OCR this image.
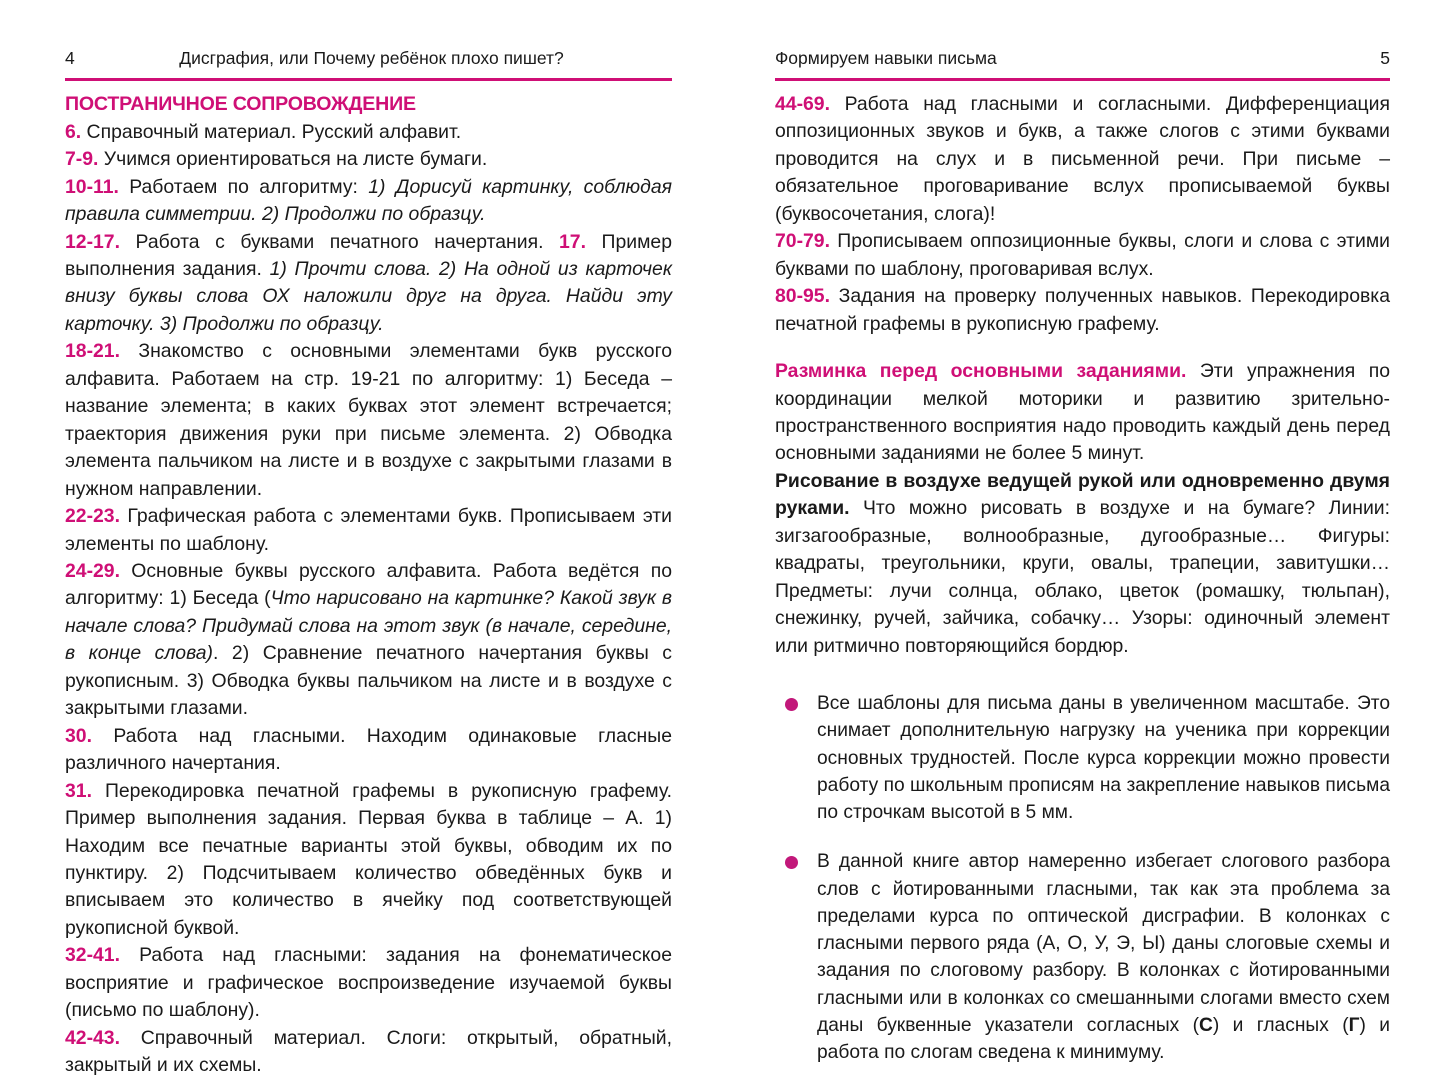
4	Дисграфия, или Почему ребёнок плохо пишет?

ПОСТРАНИЧНОЕ СОПРОВОЖДЕНИЕ

6. Справочный материал. Русский алфавит.

7-9. Учимся ориентироваться на листе бумаги.

10-11. Работаем по алгоритму: 1) Дорисуй картинку, соблюдая правила симметрии. 2) Продолжи по образцу.

12-17. Работа с буквами печатного начертания. 17. Пример выполнения задания. 1) Прочти слова. 2) На одной из карточек внизу буквы слова ОХ наложили друг на друга. Найди эту карточку. 3) Продолжи по образцу.

18-21. Знакомство с основными элементами букв русского алфавита. Работаем на стр. 19-21 по алгоритму: 1) Беседа – название элемента; в каких буквах этот элемент встречается; траектория движения руки при письме элемента. 2) Обводка элемента пальчиком на листе и в воздухе с закрытыми глазами в нужном направлении.

22-23. Графическая работа с элементами букв. Прописываем эти элементы по шаблону.

24-29. Основные буквы русского алфавита. Работа ведётся по алгоритму: 1) Беседа (Что нарисовано на картинке? Какой звук в начале слова? Придумай слова на этот звук (в начале, середине, в конце слова). 2) Сравнение печатного начертания буквы с рукописным. 3) Обводка буквы пальчиком на листе и в воздухе с закрытыми глазами.

30. Работа над гласными. Находим одинаковые гласные различного начертания.

31. Перекодировка печатной графемы в рукописную графему. Пример выполнения задания. Первая буква в таблице – А. 1) Находим все печатные варианты этой буквы, обводим их по пунктиру. 2) Подсчитываем количество обведённых букв и вписываем это количество в ячейку под соответствующей рукописной буквой.

32-41. Работа над гласными: задания на фонематическое восприятие и графическое воспроизведение изучаемой буквы (письмо по шаблону).

42-43. Справочный материал. Слоги: открытый, обратный, закрытый и их схемы.

Формируем навыки письма	5

44-69. Работа над гласными и согласными. Дифференциация оппозиционных звуков и букв, а также слогов с этими буквами проводится на слух и в письменной речи. При письме – обязательное проговаривание вслух прописываемой буквы (буквосочетания, слога)!

70-79. Прописываем оппозиционные буквы, слоги и слова с этими буквами по шаблону, проговаривая вслух.

80-95. Задания на проверку полученных навыков. Перекодировка печатной графемы в рукописную графему.

Разминка перед основными заданиями. Эти упражнения по координации мелкой моторики и развитию зрительно-пространственного восприятия надо проводить каждый день перед основными заданиями не более 5 минут.

Рисование в воздухе ведущей рукой или одновременно двумя руками. Что можно рисовать в воздухе и на бумаге? Линии: зигзагообразные, волнообразные, дугообразные… Фигуры: квадраты, треугольники, круги, овалы, трапеции, завитушки… Предметы: лучи солнца, облако, цветок (ромашку, тюльпан), снежинку, ручей, зайчика, собачку… Узоры: одиночный элемент или ритмично повторяющийся бордюр.

Все шаблоны для письма даны в увеличенном масштабе. Это снимает дополнительную нагрузку на ученика при коррекции основных трудностей. После курса коррекции можно провести работу по школьным прописям на закрепление навыков письма по строчкам высотой в 5 мм.
В данной книге автор намеренно избегает слогового разбора слов с йотированными гласными, так как эта проблема за пределами курса по оптической дисграфии. В колонках с гласными первого ряда (А, О, У, Э, Ы) даны слоговые схемы и задания по слоговому разбору. В колонках с йотированными гласными или в колонках со смешанными слогами вместо схем даны буквенные указатели согласных (С) и гласных (Г) и работа по слогам сведена к минимуму.
